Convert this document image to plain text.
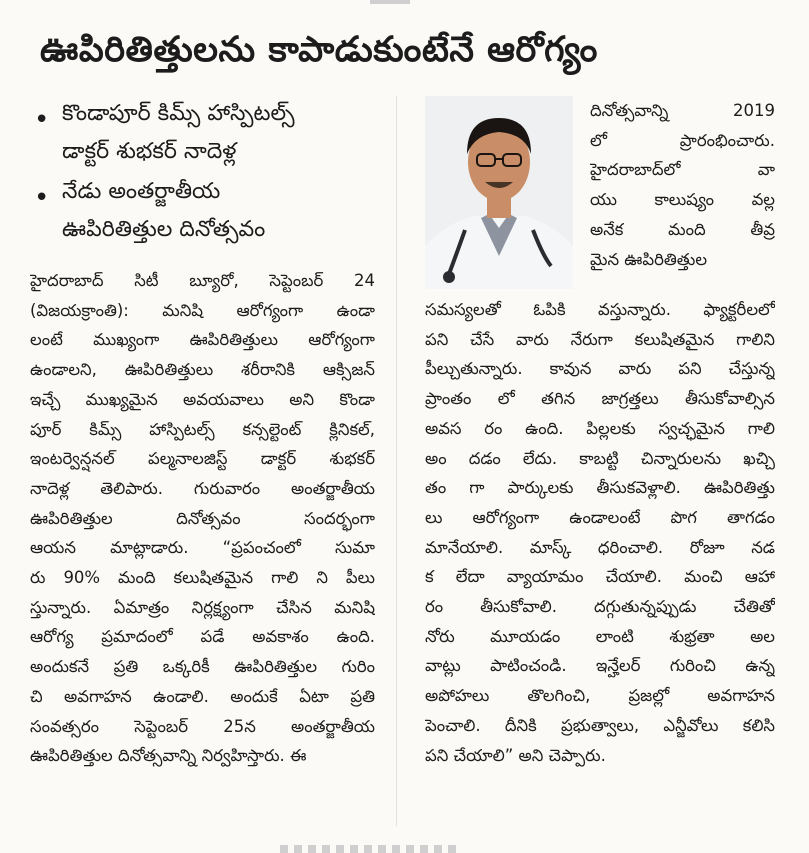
ఊపిరితిత్తులను కాపాడుకుంటేనే ఆరోగ్యం
• కొండాపూర్ కిమ్స్ హాస్పిటల్స్
డాక్టర్ శుభకర్ నాదెళ్ల
• నేడు అంతర్జాతీయ
ఊపిరితిత్తుల దినోత్సవం
హైదరాబాద్ సిటీ బ్యూరో, సెప్టెంబర్ 24
(విజయక్రాంతి): మనిషి ఆరోగ్యంగా ఉండా
లంటే ముఖ్యంగా ఊపిరితిత్తులు ఆరోగ్యంగా
ఉండాలని, ఊపిరితిత్తులు శరీరానికి ఆక్సిజన్
ఇచ్చే ముఖ్యమైన అవయవాలు అని కొండా
పూర్ కిమ్స్ హాస్పిటల్స్ కన్సల్టెంట్ క్లినికల్,
ఇంటర్వెన్షనల్ పల్మనాలజిస్ట్ డాక్టర్ శుభకర్
నాదెళ్ల తెలిపారు. గురువారం అంతర్జాతీయ
ఊపిరితిత్తుల దినోత్సవం సందర్భంగా
ఆయన మాట్లాడారు. “ప్రపంచంలో సుమా
రు 90% మంది కలుషితమైన గాలి ని పీలు
స్తున్నారు. ఏమాత్రం నిర్లక్ష్యంగా చేసిన మనిషి
ఆరోగ్య ప్రమాదంలో పడే అవకాశం ఉంది.
అందుకనే ప్రతి ఒక్కరికీ ఊపిరితిత్తుల గురిం
చి అవగాహన ఉండాలి. అందుకే ఏటా ప్రతి
సంవత్సరం సెప్టెంబర్ 25న అంతర్జాతీయ
ఊపిరితిత్తుల దినోత్సవాన్ని నిర్వహిస్తారు. ఈ
దినోత్సవాన్ని 2019
లో ప్రారంభించారు.
హైదరాబాద్‌లో వా
యు కాలుష్యం వల్ల
అనేక మంది తీవ్ర
మైన ఊపిరితిత్తుల
సమస్యలతో ఓపికి వస్తున్నారు. ఫ్యాక్టరీలలో
పని చేసే వారు నేరుగా కలుషితమైన గాలిని
పీల్చుతున్నారు. కావున వారు పని చేస్తున్న
ప్రాంతం లో తగిన జాగ్రత్తలు తీసుకోవాల్సిన
అవస రం ఉంది. పిల్లలకు స్వచ్ఛమైన గాలి
అం దడం లేదు. కాబట్టి చిన్నారులను ఖచ్చి
తం గా పార్కులకు తీసుకవెళ్లాలి. ఊపిరితిత్తు
లు ఆరోగ్యంగా ఉండాలంటే పొగ తాగడం
మానేయాలి. మాస్క్ ధరించాలి. రోజూ నడ
క లేదా వ్యాయామం చేయాలి. మంచి ఆహా
రం తీసుకోవాలి. దగ్గుతున్నప్పుడు చేతితో
నోరు మూయడం లాంటి శుభ్రతా అల
వాట్లు పాటించండి. ఇన్హేలర్ గురించి ఉన్న
అపోహలు తొలగించి, ప్రజల్లో అవగాహన
పెంచాలి. దీనికి ప్రభుత్వాలు, ఎన్జీవోలు కలిసి
పని చేయాలి” అని చెప్పారు.
